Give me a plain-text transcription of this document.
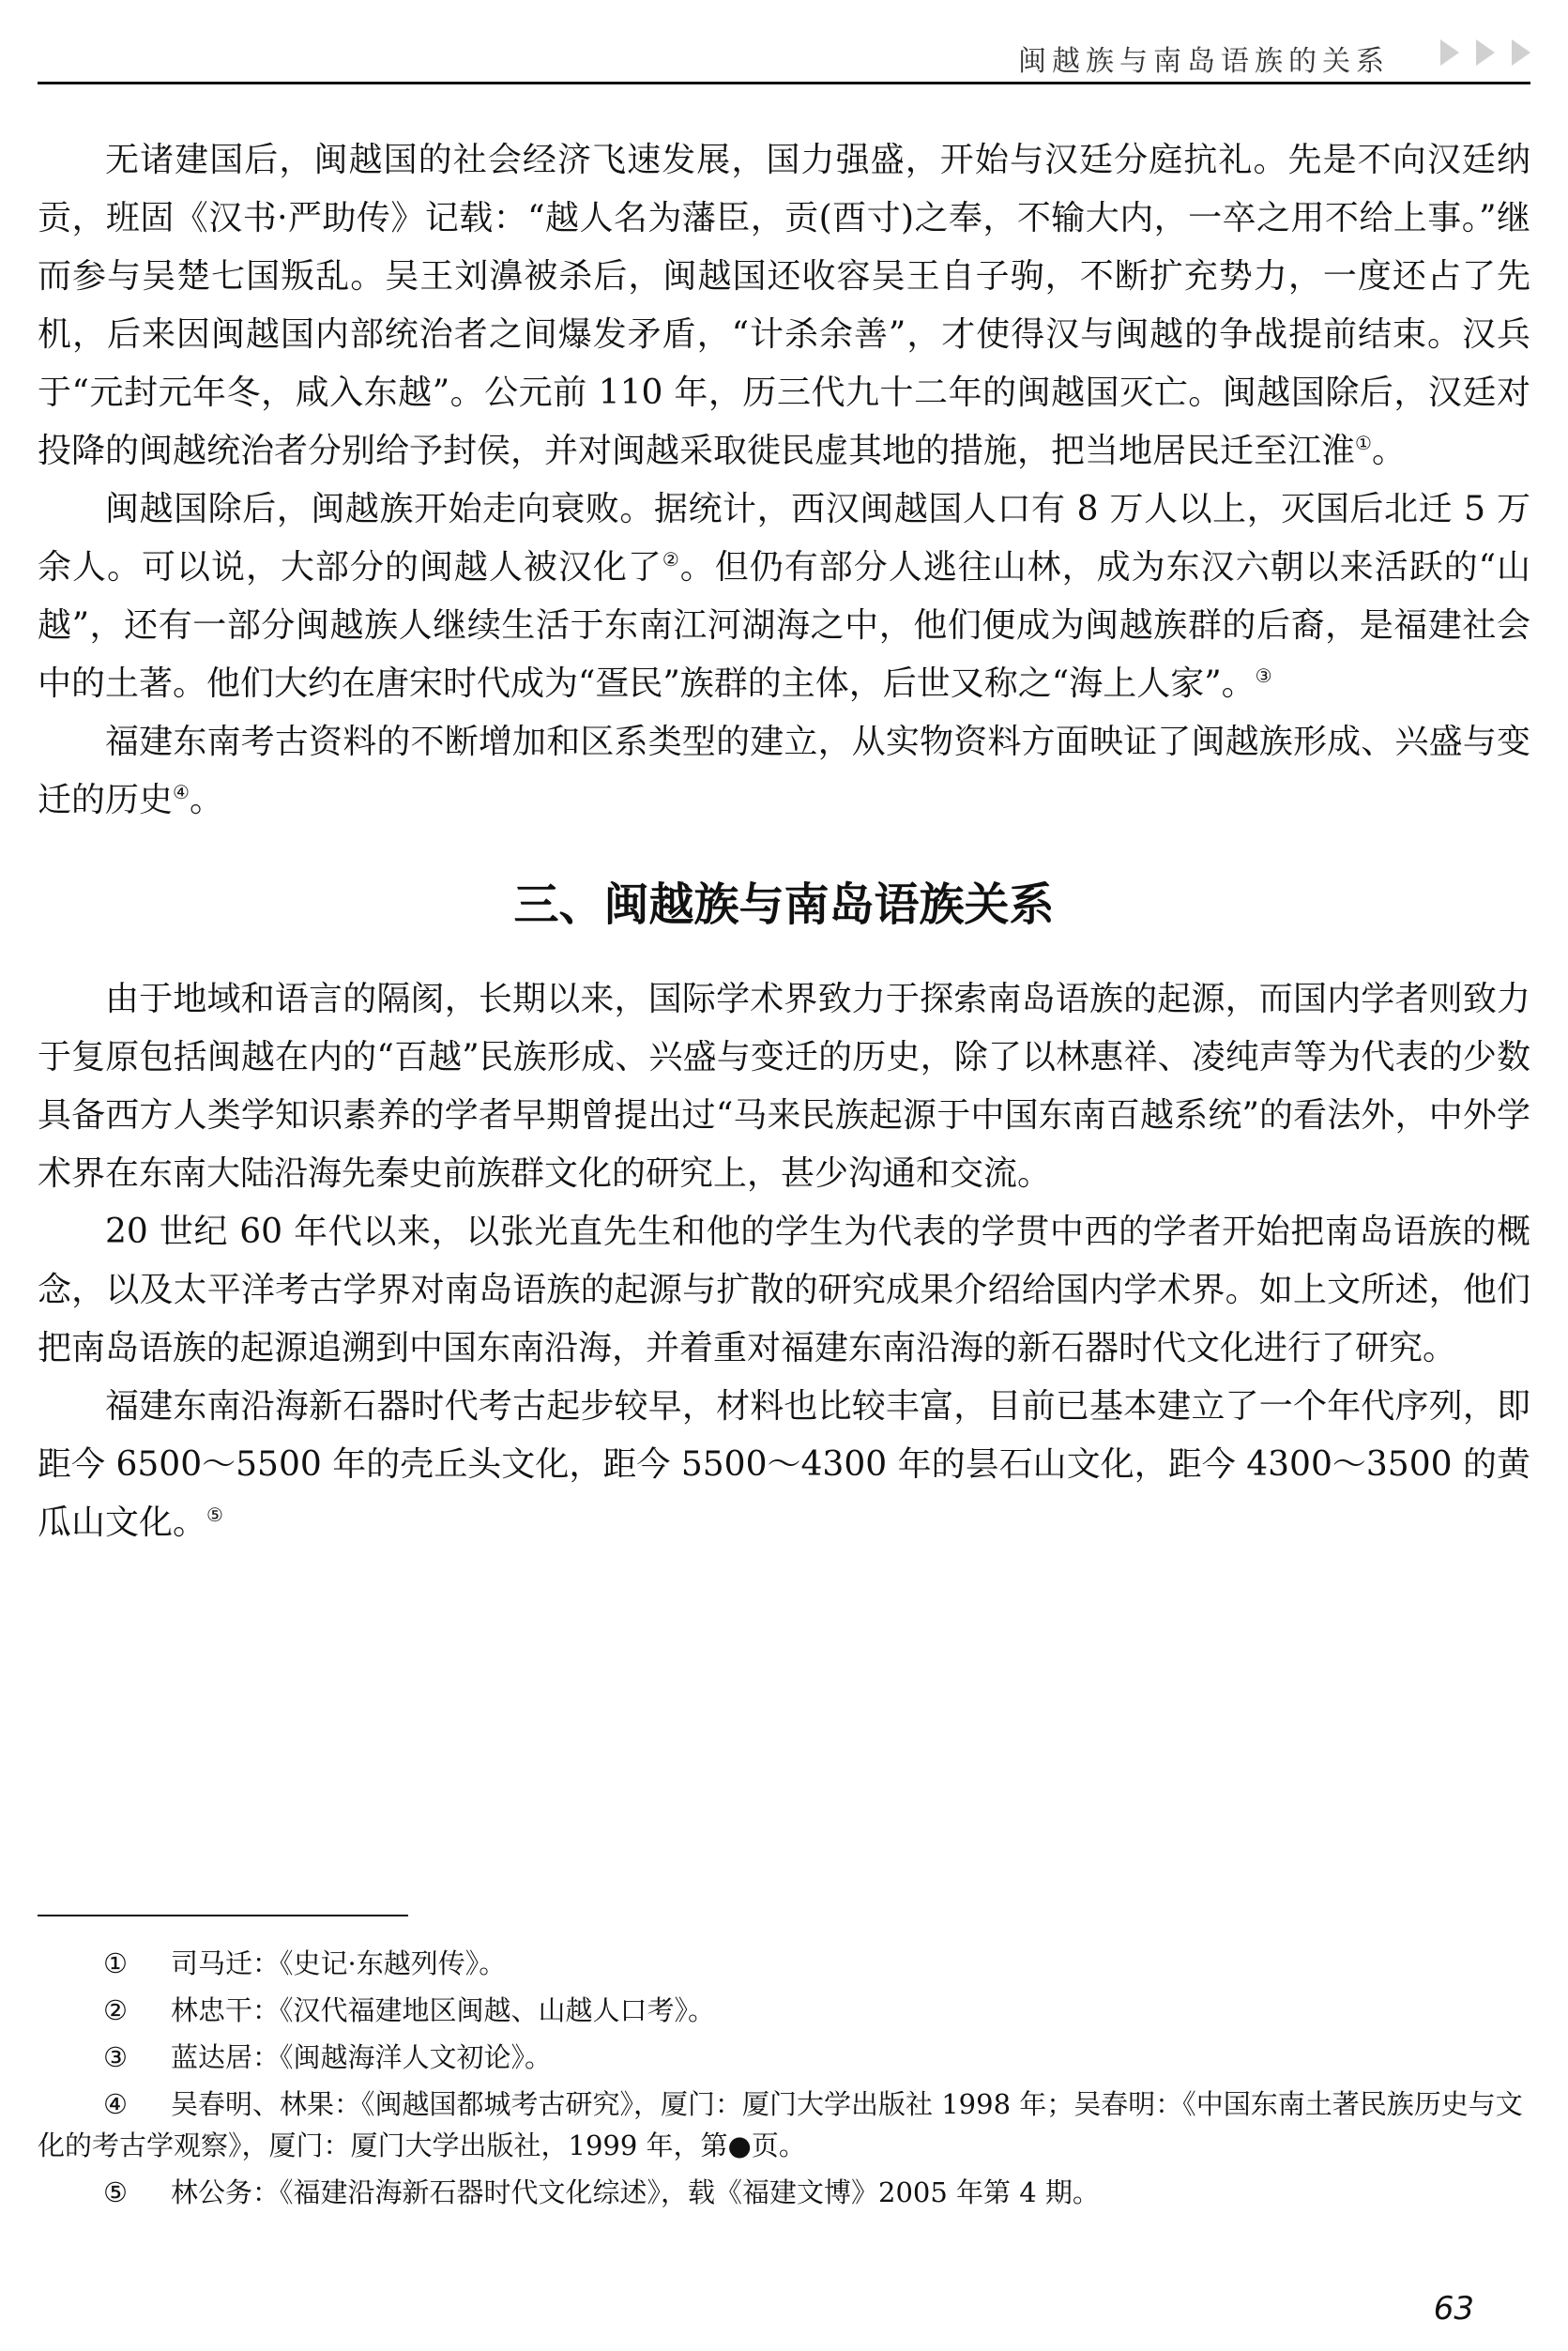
闽越族与南岛语族的关系

无诸建国后，闽越国的社会经济飞速发展，国力强盛，开始与汉廷分庭抗礼。先是不向汉廷纳贡，班固《汉书·严助传》记载：“越人名为藩臣，贡(酉寸)之奉，不输大内，一卒之用不给上事。”继而参与吴楚七国叛乱。吴王刘濞被杀后，闽越国还收容吴王自子驹，不断扩充势力，一度还占了先机，后来因闽越国内部统治者之间爆发矛盾，“计杀余善”，才使得汉与闽越的争战提前结束。汉兵于“元封元年冬，咸入东越”。公元前 110 年，历三代九十二年的闽越国灭亡。闽越国除后，汉廷对投降的闽越统治者分别给予封侯，并对闽越采取徙民虚其地的措施，把当地居民迁至江淮①。

闽越国除后，闽越族开始走向衰败。据统计，西汉闽越国人口有 8 万人以上，灭国后北迁 5 万余人。可以说，大部分的闽越人被汉化了②。但仍有部分人逃往山林，成为东汉六朝以来活跃的“山越”，还有一部分闽越族人继续生活于东南江河湖海之中，他们便成为闽越族群的后裔，是福建社会中的土著。他们大约在唐宋时代成为“疍民”族群的主体，后世又称之“海上人家”。③

福建东南考古资料的不断增加和区系类型的建立，从实物资料方面映证了闽越族形成、兴盛与变迁的历史④。

三、闽越族与南岛语族关系

由于地域和语言的隔阂，长期以来，国际学术界致力于探索南岛语族的起源，而国内学者则致力于复原包括闽越在内的“百越”民族形成、兴盛与变迁的历史，除了以林惠祥、凌纯声等为代表的少数具备西方人类学知识素养的学者早期曾提出过“马来民族起源于中国东南百越系统”的看法外，中外学术界在东南大陆沿海先秦史前族群文化的研究上，甚少沟通和交流。

20 世纪 60 年代以来，以张光直先生和他的学生为代表的学贯中西的学者开始把南岛语族的概念，以及太平洋考古学界对南岛语族的起源与扩散的研究成果介绍给国内学术界。如上文所述，他们把南岛语族的起源追溯到中国东南沿海，并着重对福建东南沿海的新石器时代文化进行了研究。

福建东南沿海新石器时代考古起步较早，材料也比较丰富，目前已基本建立了一个年代序列，即距今 6500～5500 年的壳丘头文化，距今 5500～4300 年的昙石山文化，距今 4300～3500 的黄瓜山文化。⑤

① 司马迁：《史记·东越列传》。
② 林忠干：《汉代福建地区闽越、山越人口考》。
③ 蓝达居：《闽越海洋人文初论》。
④ 吴春明、林果：《闽越国都城考古研究》，厦门：厦门大学出版社 1998 年；吴春明：《中国东南土著民族历史与文化的考古学观察》，厦门：厦门大学出版社，1999 年，第●页。
⑤ 林公务：《福建沿海新石器时代文化综述》，载《福建文博》2005 年第 4 期。
63
